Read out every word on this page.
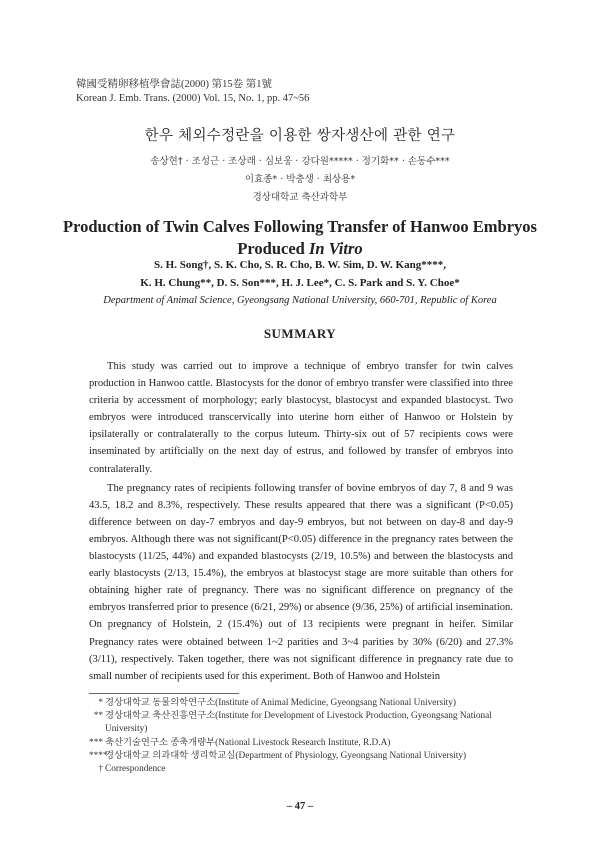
韓國受精卵移植學會誌(2000) 第15卷 第1號
Korean J. Emb. Trans. (2000) Vol. 15, No. 1, pp. 47~56
한우 체외수정란을 이용한 쌍자생산에 관한 연구
송상현† · 조성근 · 조상래 · 심보웅 · 강다원***** · 정기화** · 손동수***
이효종* · 박충생 · 최상용*
경상대학교 축산과학부
Production of Twin Calves Following Transfer of Hanwoo Embryos
Produced In Vitro
S. H. Song†, S. K. Cho, S. R. Cho, B. W. Sim, D. W. Kang****,
K. H. Chung**, D. S. Son***, H. J. Lee*, C. S. Park and S. Y. Choe*
Department of Animal Science, Gyeongsang National University, 660-701, Republic of Korea
SUMMARY

This study was carried out to improve a technique of embryo transfer for twin calves production in Hanwoo cattle. Blastocysts for the donor of embryo transfer were classified into three criteria by accessment of morphology; early blastocyst, blastocyst and expanded blastocyst. Two embryos were introduced transcervically into uterine horn either of Hanwoo or Holstein by ipsilaterally or contralaterally to the corpus luteum. Thirty-six out of 57 recipients cows were inseminated by artificially on the next day of estrus, and followed by transfer of embryos into contralaterally.

The pregnancy rates of recipients following transfer of bovine embryos of day 7, 8 and 9 was 43.5, 18.2 and 8.3%, respectively. These results appeared that there was a significant (P<0.05) difference between on day-7 embryos and day-9 embryos, but not between on day-8 and day-9 embryos. Although there was not significant(P<0.05) difference in the pregnancy rates between the blastocysts (11/25, 44%) and expanded blastocysts (2/19, 10.5%) and between the blastocysts and early blastocysts (2/13, 15.4%), the embryos at blastocyst stage are more suitable than others for obtaining higher rate of pregnancy. There was no significant difference on pregnancy of the embryos transferred prior to presence (6/21, 29%) or absence (9/36, 25%) of artificial insemination. On pregnancy of Holstein, 2 (15.4%) out of 13 recipients were pregnant in heifer. Similar Pregnancy rates were obtained between 1~2 parities and 3~4 parities by 30% (6/20) and 27.3%(3/11), respectively. Taken together, there was not significant difference in pregnancy rate due to small number of recipients used for this experiment. Both of Hanwoo and Holstein

* 경상대학교 동물의학연구소(Institute of Animal Medicine, Gyeongsang National University)
** 경상대학교 축산진흥연구소(Institute for Development of Livestock Production, Gyeongsang National University)
*** 축산기술연구소 종축개량부(National Livestock Research Institute, R.D.A)
****
경상대학교 의과대학 생리학교실(Department of Physiology, Gyeongsang National University)
† Correspondence
– 47 –
